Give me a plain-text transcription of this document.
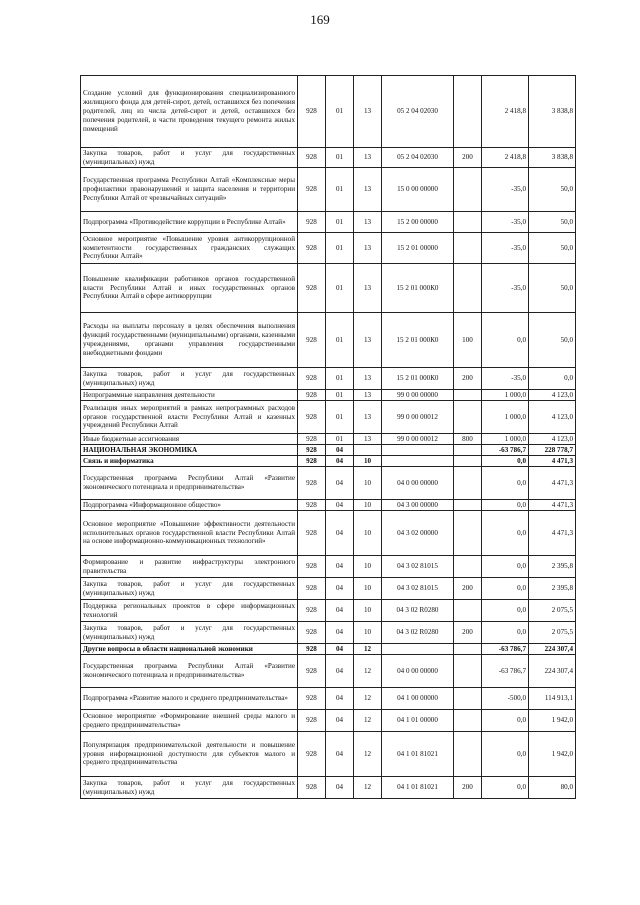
169
Создание условий для функционирования специализированного жилищного фонда для детей-сирот, детей, оставшихся без попечения родителей, лиц из числа детей-сирот и детей, оставшихся без попечения родителей, в части проведения текущего ремонта жилых помещений	928	01	13	05 2 04 02030		2 418,8	3 838,8
Закупка товаров, работ и услуг для государственных (муниципальных) нужд	928	01	13	05 2 04 02030	200	2 418,8	3 838,8
Государственная программа Республики Алтай «Комплексные меры профилактики правонарушений и защита населения и территории Республики Алтай от чрезвычайных ситуаций»	928	01	13	15 0 00 00000		-35,0	50,0
Подпрограмма «Противодействие коррупции в Республике Алтай»	928	01	13	15 2 00 00000		-35,0	50,0
Основное мероприятие «Повышение уровня антикоррупционной компетентности государственных гражданских служащих Республики Алтай»	928	01	13	15 2 01 00000		-35,0	50,0
Повышение квалификации работников органов государственной власти Республики Алтай и иных государственных органов Республики Алтай в сфере антикоррупции	928	01	13	15 2 01 000К0		-35,0	50,0
Расходы на выплаты персоналу в целях обеспечения выполнения функций государственными (муниципальными) органами, казенными учреждениями, органами управления государственными внебюджетными фондами	928	01	13	15 2 01 000К0	100	0,0	50,0
Закупка товаров, работ и услуг для государственных (муниципальных) нужд	928	01	13	15 2 01 000К0	200	-35,0	0,0
Непрограммные направления деятельности	928	01	13	99 0 00 00000		1 000,0	4 123,0
Реализация иных мероприятий в рамках непрограммных расходов органов государственной власти Республики Алтай и казенных учреждений Республики Алтай	928	01	13	99 0 00 00012		1 000,0	4 123,0
Иные бюджетные ассигнования	928	01	13	99 0 00 00012	800	1 000,0	4 123,0
НАЦИОНАЛЬНАЯ ЭКОНОМИКА	928	04				-63 786,7	228 778,7
Связь и информатика	928	04	10			0,0	4 471,3
Государственная программа Республики Алтай «Развитие экономического потенциала и предпринимательства»	928	04	10	04 0 00 00000		0,0	4 471,3
Подпрограмма «Информационное общество»	928	04	10	04 3 00 00000		0,0	4 471,3
Основное мероприятие «Повышение эффективности деятельности исполнительных органов государственной власти Республики Алтай на основе информационно-коммуникационных технологий»	928	04	10	04 3 02 00000		0,0	4 471,3
Формирование и развитие инфраструктуры электронного правительства	928	04	10	04 3 02 81015		0,0	2 395,8
Закупка товаров, работ и услуг для государственных (муниципальных) нужд	928	04	10	04 3 02 81015	200	0,0	2 395,8
Поддержка региональных проектов в сфере информационных технологий	928	04	10	04 3 02 R0280		0,0	2 075,5
Закупка товаров, работ и услуг для государственных (муниципальных) нужд	928	04	10	04 3 02 R0280	200	0,0	2 075,5
Другие вопросы в области национальной экономики	928	04	12			-63 786,7	224 307,4
Государственная программа Республики Алтай «Развитие экономического потенциала и предпринимательства»	928	04	12	04 0 00 00000		-63 786,7	224 307,4
Подпрограмма «Развитие малого и среднего предпринимательства»	928	04	12	04 1 00 00000		-500,0	114 913,1
Основное мероприятие «Формирование внешней среды малого и среднего предпринимательства»	928	04	12	04 1 01 00000		0,0	1 942,0
Популяризация предпринимательской деятельности и повышение уровня информационной доступности для субъектов малого и среднего предпринимательства	928	04	12	04 1 01 81021		0,0	1 942,0
Закупка товаров, работ и услуг для государственных (муниципальных) нужд	928	04	12	04 1 01 81021	200	0,0	80,0
